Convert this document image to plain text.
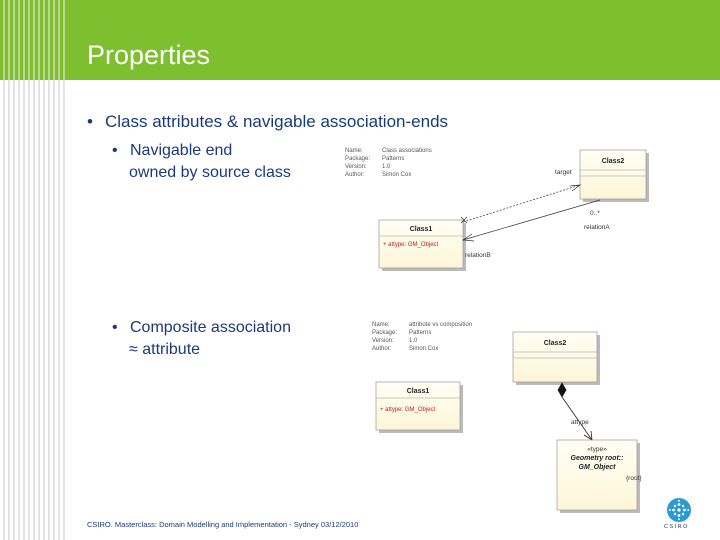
Properties
• Class attributes & navigable association-ends
• Navigable end
owned by source class
• Composite association
≈ attribute
Name:
Package:
Version:
Author:
Class associations
Patterns
1.0
Simon Cox
Class2
Class1
+ attype: GM_Object
target
0..*
relationA
relationB
Name:
Package:
Version:
Author:
attribute vs composition
Patterns
1.0
Simon Cox
Class2
Class1
+ attype: GM_Object
attype
«type»
Geometry root::
GM_Object
{root}
CSIRO. Masterclass: Domain Modelling and Implementation - Sydney 03/12/2010	CSIRO
